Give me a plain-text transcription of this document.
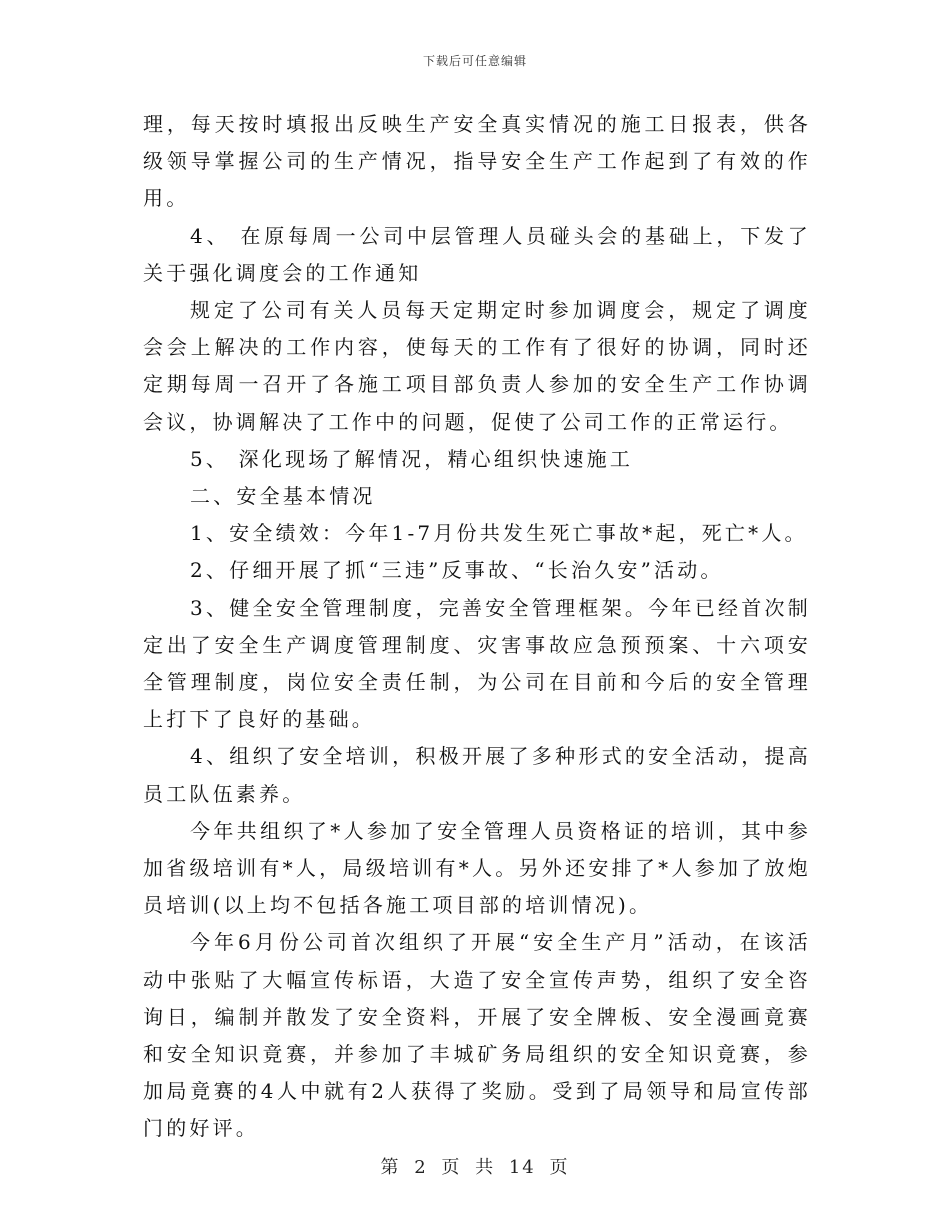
下载后可任意编辑

理，每天按时填报出反映生产安全真实情况的施工日报表，供各级领导掌握公司的生产情况，指导安全生产工作起到了有效的作用。

4、 在原每周一公司中层管理人员碰头会的基础上，下发了关于强化调度会的工作通知

规定了公司有关人员每天定期定时参加调度会，规定了调度会会上解决的工作内容，使每天的工作有了很好的协调，同时还定期每周一召开了各施工项目部负责人参加的安全生产工作协调会议，协调解决了工作中的问题，促使了公司工作的正常运行。

5、 深化现场了解情况，精心组织快速施工

二、安全基本情况

1、安全绩效：今年1-7月份共发生死亡事故*起，死亡*人。

2、仔细开展了抓“三违”反事故、“长治久安”活动。

3、健全安全管理制度，完善安全管理框架。今年已经首次制定出了安全生产调度管理制度、灾害事故应急预预案、十六项安全管理制度，岗位安全责任制，为公司在目前和今后的安全管理上打下了良好的基础。

4、组织了安全培训，积极开展了多种形式的安全活动，提高员工队伍素养。

今年共组织了*人参加了安全管理人员资格证的培训，其中参加省级培训有*人，局级培训有*人。另外还安排了*人参加了放炮员培训(以上均不包括各施工项目部的培训情况)。

今年6月份公司首次组织了开展“安全生产月”活动，在该活动中张贴了大幅宣传标语，大造了安全宣传声势，组织了安全咨询日，编制并散发了安全资料，开展了安全牌板、安全漫画竟赛和安全知识竟赛，并参加了丰城矿务局组织的安全知识竟赛，参加局竟赛的4人中就有2人获得了奖励。受到了局领导和局宣传部门的好评。

第 2 页 共 14 页
